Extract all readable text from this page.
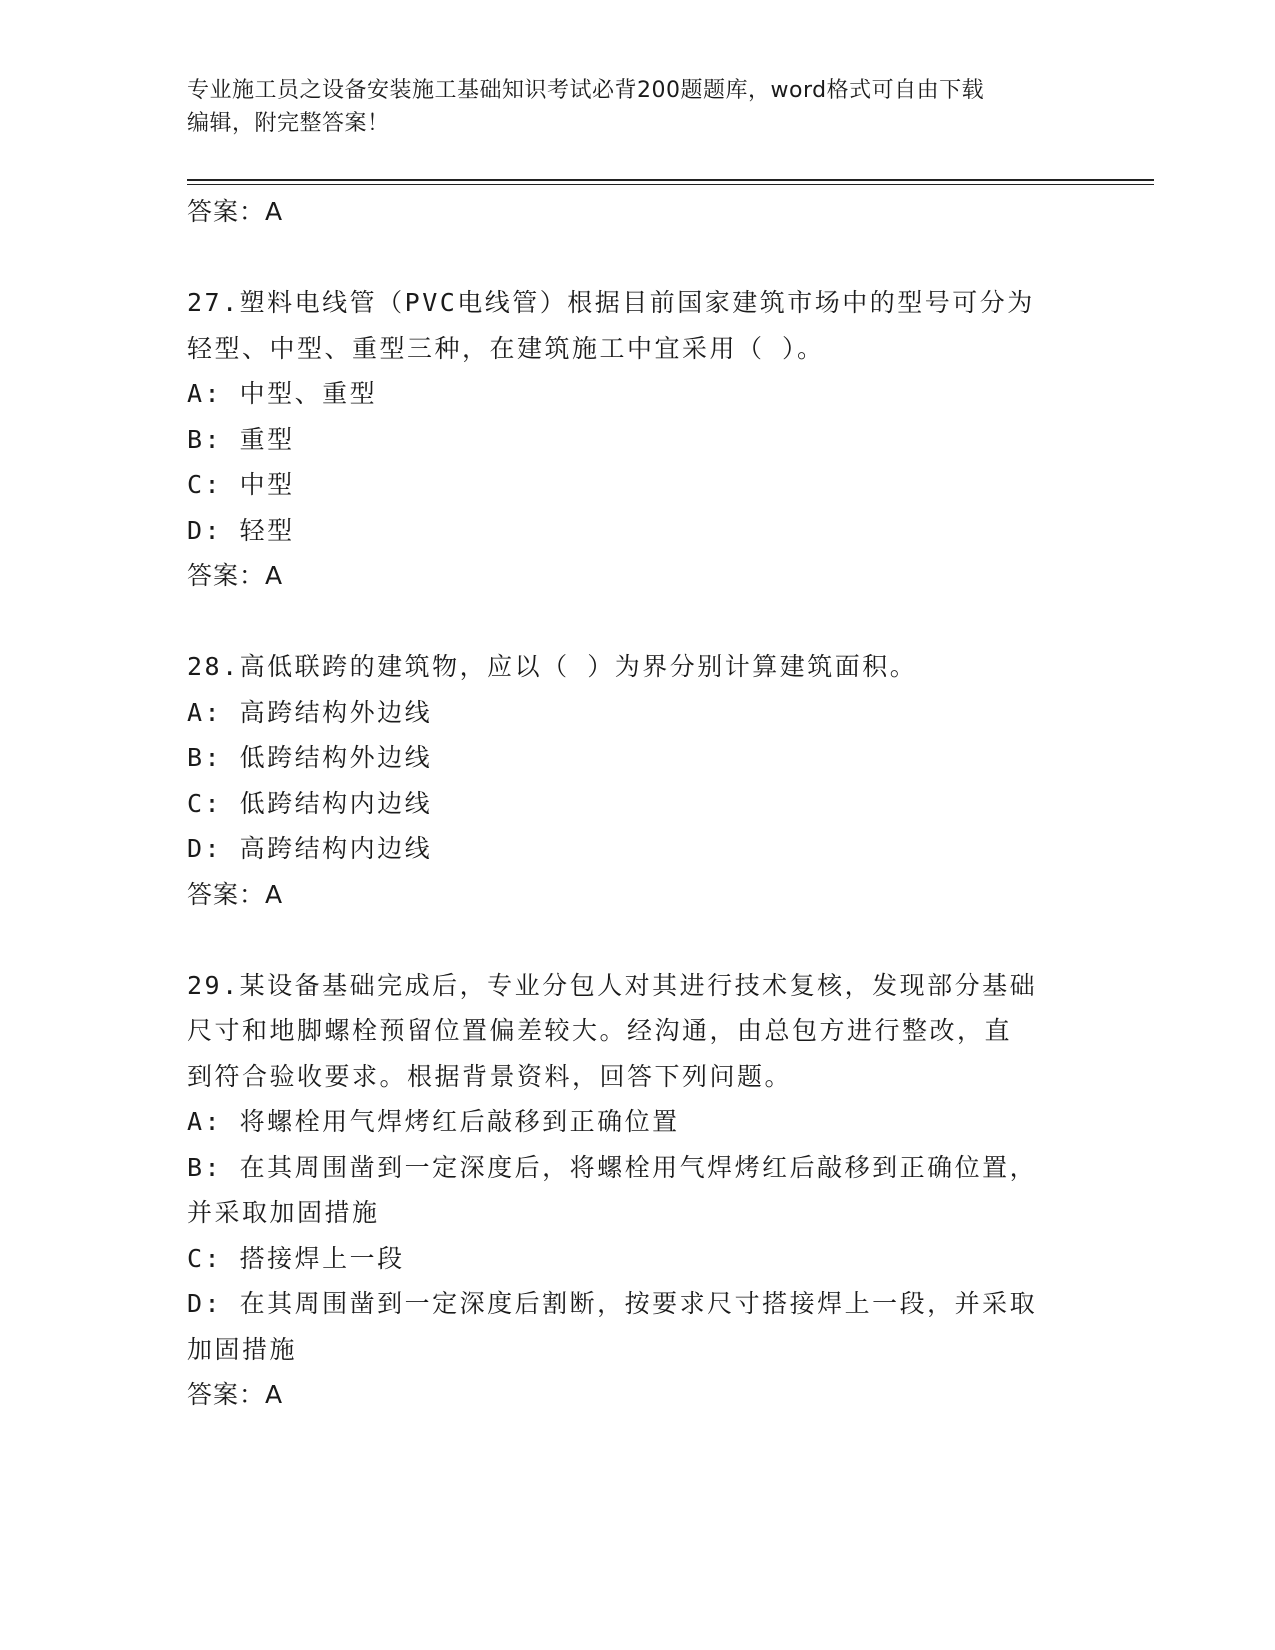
专业施工员之设备安装施工基础知识考试必背200题题库，word格式可自由下载
编辑，附完整答案！
答案：A
27.塑料电线管（PVC电线管）根据目前国家建筑市场中的型号可分为
轻型、中型、重型三种，在建筑施工中宜采用（ ）。
A: 中型、重型
B: 重型
C: 中型
D: 轻型
答案：A
28.高低联跨的建筑物，应以（ ）为界分别计算建筑面积。
A: 高跨结构外边线
B: 低跨结构外边线
C: 低跨结构内边线
D: 高跨结构内边线
答案：A
29.某设备基础完成后，专业分包人对其进行技术复核，发现部分基础
尺寸和地脚螺栓预留位置偏差较大。经沟通，由总包方进行整改，直
到符合验收要求。根据背景资料，回答下列问题。
A: 将螺栓用气焊烤红后敲移到正确位置
B: 在其周围凿到一定深度后，将螺栓用气焊烤红后敲移到正确位置，
并采取加固措施
C: 搭接焊上一段
D: 在其周围凿到一定深度后割断，按要求尺寸搭接焊上一段，并采取
加固措施
答案：A
